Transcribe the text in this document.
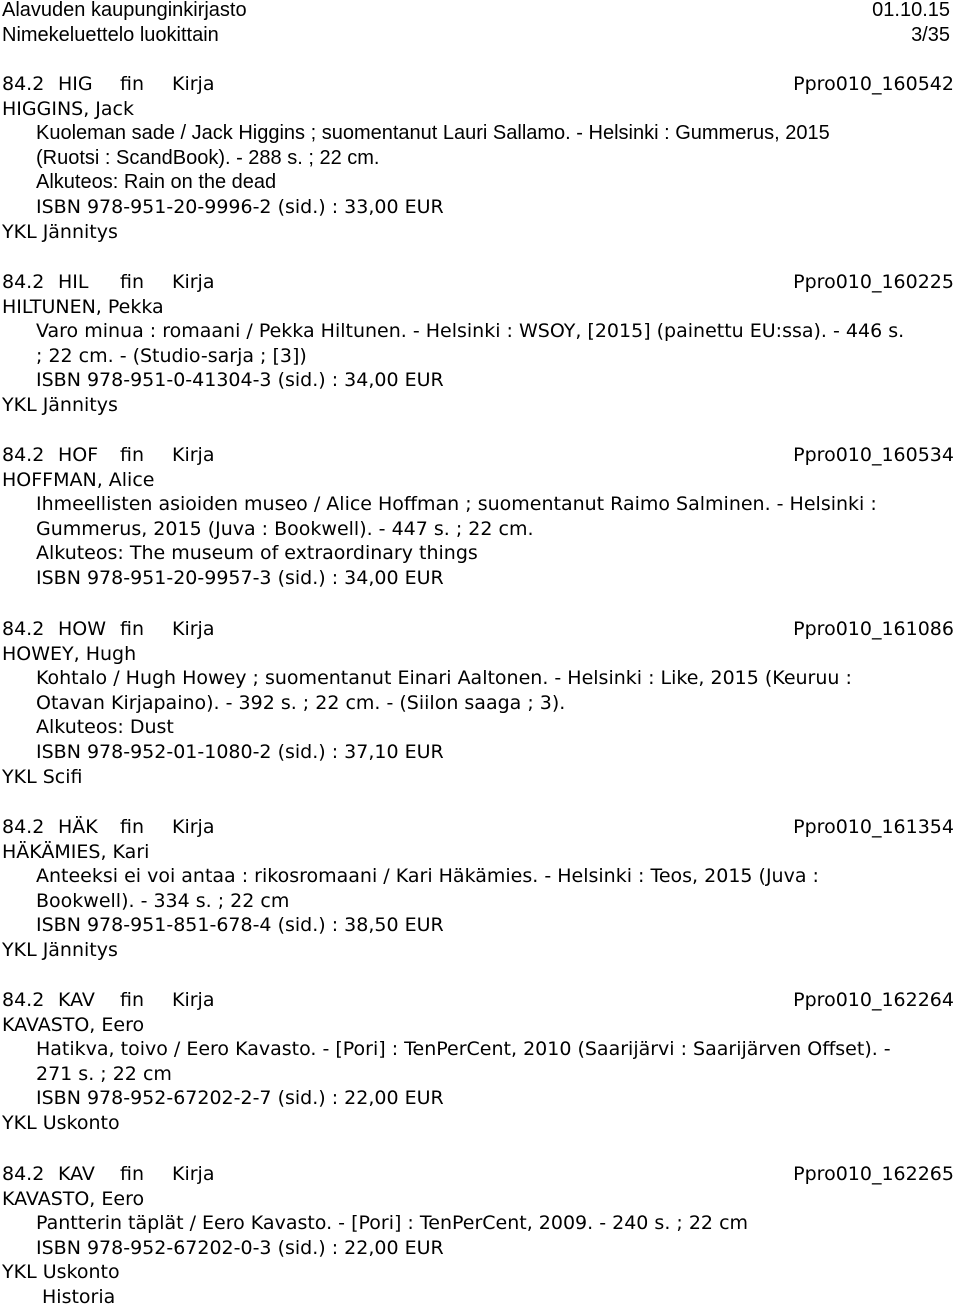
Alavuden kaupunginkirjasto	01.10.15
Nimekeluettelo luokittain	3/35
84.2 HIG fin Kirja	Ppro010_160542
HIGGINS, Jack
Kuoleman sade / Jack Higgins ; suomentanut Lauri Sallamo. - Helsinki : Gummerus, 2015
(Ruotsi : ScandBook). - 288 s. ; 22 cm.
Alkuteos: Rain on the dead
ISBN 978-951-20-9996-2 (sid.) : 33,00 EUR
YKL Jännitys
84.2 HIL fin Kirja	Ppro010_160225
HILTUNEN, Pekka
Varo minua : romaani / Pekka Hiltunen. - Helsinki : WSOY, [2015] (painettu EU:ssa). - 446 s.
; 22 cm. - (Studio-sarja ; [3])
ISBN 978-951-0-41304-3 (sid.) : 34,00 EUR
YKL Jännitys
84.2 HOF fin Kirja	Ppro010_160534
HOFFMAN, Alice
Ihmeellisten asioiden museo / Alice Hoffman ; suomentanut Raimo Salminen. - Helsinki :
Gummerus, 2015 (Juva : Bookwell). - 447 s. ; 22 cm.
Alkuteos: The museum of extraordinary things
ISBN 978-951-20-9957-3 (sid.) : 34,00 EUR
84.2 HOW fin Kirja	Ppro010_161086
HOWEY, Hugh
Kohtalo / Hugh Howey ; suomentanut Einari Aaltonen. - Helsinki : Like, 2015 (Keuruu :
Otavan Kirjapaino). - 392 s. ; 22 cm. - (Siilon saaga ; 3).
Alkuteos: Dust
ISBN 978-952-01-1080-2 (sid.) : 37,10 EUR
YKL Scifi
84.2 HÄK fin Kirja	Ppro010_161354
HÄKÄMIES, Kari
Anteeksi ei voi antaa : rikosromaani / Kari Häkämies. - Helsinki : Teos, 2015 (Juva :
Bookwell). - 334 s. ; 22 cm
ISBN 978-951-851-678-4 (sid.) : 38,50 EUR
YKL Jännitys
84.2 KAV fin Kirja	Ppro010_162264
KAVASTO, Eero
Hatikva, toivo / Eero Kavasto. - [Pori] : TenPerCent, 2010 (Saarijärvi : Saarijärven Offset). -
271 s. ; 22 cm
ISBN 978-952-67202-2-7 (sid.) : 22,00 EUR
YKL Uskonto
84.2 KAV fin Kirja	Ppro010_162265
KAVASTO, Eero
Pantterin täplät / Eero Kavasto. - [Pori] : TenPerCent, 2009. - 240 s. ; 22 cm
ISBN 978-952-67202-0-3 (sid.) : 22,00 EUR
YKL Uskonto
Historia
